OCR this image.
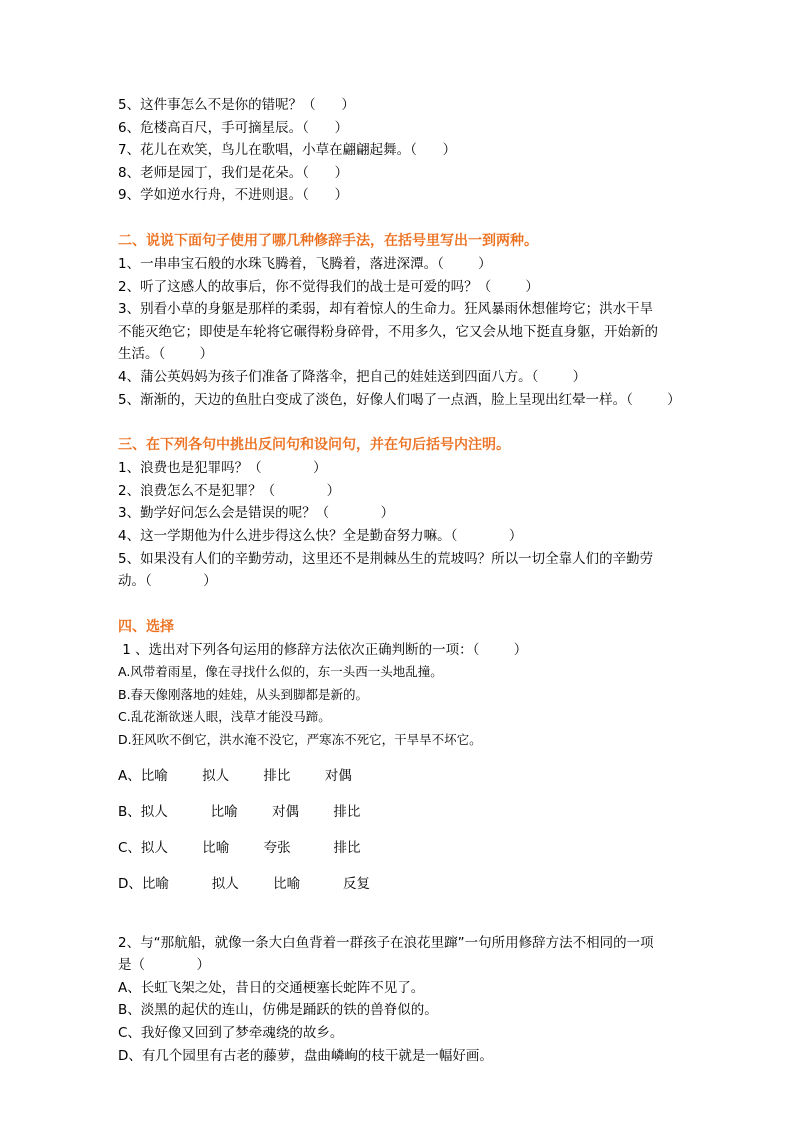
5、这件事怎么不是你的错呢？（      ）

6、危楼高百尺，手可摘星辰。（      ）

7、花儿在欢笑，鸟儿在歌唱，小草在翩翩起舞。（      ）

8、老师是园丁，我们是花朵。（      ）

9、学如逆水行舟，不进则退。（      ）

二、说说下面句子使用了哪几种修辞手法，在括号里写出一到两种。

1、一串串宝石般的水珠飞腾着，飞腾着，落进深潭。（        ）

2、听了这感人的故事后，你不觉得我们的战士是可爱的吗？（        ）

3、别看小草的身躯是那样的柔弱，却有着惊人的生命力。狂风暴雨休想催垮它；洪水干旱

不能灭绝它；即使是车轮将它碾得粉身碎骨，不用多久，它又会从地下挺直身躯，开始新的

生活。（        ）

4、蒲公英妈妈为孩子们准备了降落伞，把自己的娃娃送到四面八方。（        ）

5、渐渐的，天边的鱼肚白变成了淡色，好像人们喝了一点酒，脸上呈现出红晕一样。（        ）

三、在下列各句中挑出反问句和设问句，并在句后括号内注明。

1、浪费也是犯罪吗？（            ）

2、浪费怎么不是犯罪？（            ）

3、勤学好问怎么会是错误的呢？（            ）

4、这一学期他为什么进步得这么快？全是勤奋努力嘛。（            ）

5、如果没有人们的辛勤劳动，这里还不是荆棘丛生的荒坡吗？所以一切全靠人们的辛勤劳

动。（            ）

四、选择

1 、选出对下列各句运用的修辞方法依次正确判断的一项：（        ）

A.风带着雨星，像在寻找什么似的，东一头西一头地乱撞。

B.春天像刚落地的娃娃，从头到脚都是新的。

C.乱花渐欲迷人眼，浅草才能没马蹄。

D.狂风吹不倒它，洪水淹不没它，严寒冻不死它，干旱旱不坏它。

A、比喻        拟人        排比        对偶

B、拟人          比喻        对偶        排比

C、拟人        比喻        夸张          排比

D、比喻          拟人        比喻          反复

2、与“那航船，就像一条大白鱼背着一群孩子在浪花里蹿”一句所用修辞方法不相同的一项

是（            ）

A、长虹飞架之处，昔日的交通梗塞长蛇阵不见了。

B、淡黑的起伏的连山，仿佛是踊跃的铁的兽脊似的。

C、我好像又回到了梦牵魂绕的故乡。

D、有几个园里有古老的藤萝，盘曲嶙峋的枝干就是一幅好画。
